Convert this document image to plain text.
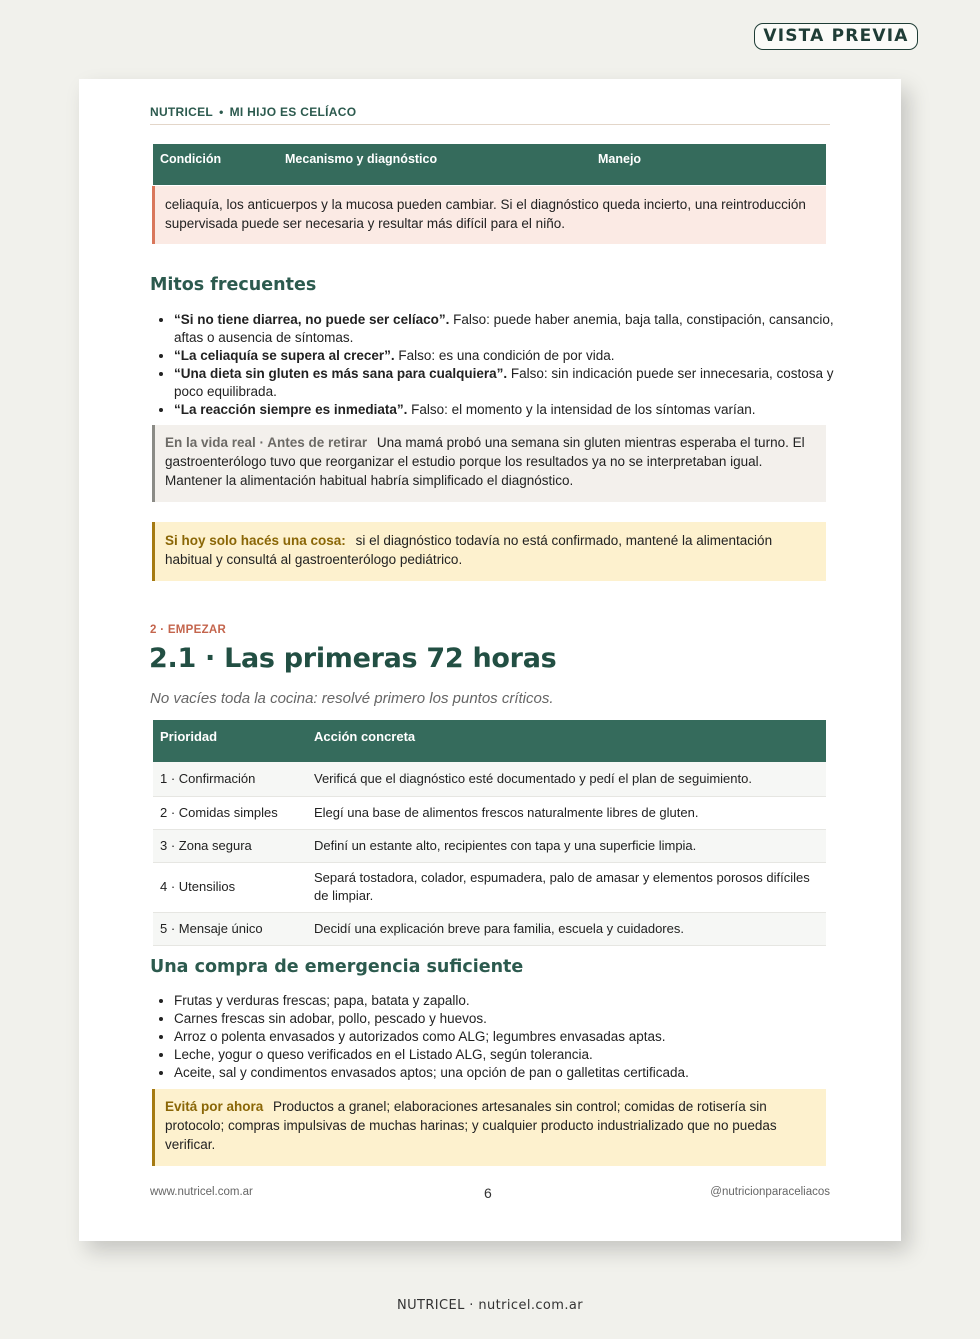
VISTA PREVIA
NUTRICEL • MI HIJO ES CELÍACO
Condición	Mecanismo y diagnóstico	Manejo
celiaquía, los anticuerpos y la mucosa pueden cambiar. Si el diagnóstico queda incierto, una reintroducción supervisada puede ser necesaria y resultar más difícil para el niño.
Mitos frecuentes
• “Si no tiene diarrea, no puede ser celíaco”. Falso: puede haber anemia, baja talla, constipación, cansancio, aftas o ausencia de síntomas.
• “La celiaquía se supera al crecer”. Falso: es una condición de por vida.
• “Una dieta sin gluten es más sana para cualquiera”. Falso: sin indicación puede ser innecesaria, costosa y poco equilibrada.
• “La reacción siempre es inmediata”. Falso: el momento y la intensidad de los síntomas varían.
En la vida real · Antes de retirar Una mamá probó una semana sin gluten mientras esperaba el turno. El gastroenterólogo tuvo que reorganizar el estudio porque los resultados ya no se interpretaban igual. Mantener la alimentación habitual habría simplificado el diagnóstico.
Si hoy solo hacés una cosa: si el diagnóstico todavía no está confirmado, mantené la alimentación habitual y consultá al gastroenterólogo pediátrico.
2 · EMPEZAR
2.1 · Las primeras 72 horas
No vacíes toda la cocina: resolvé primero los puntos críticos.
Prioridad	Acción concreta
1 · Confirmación	Verificá que el diagnóstico esté documentado y pedí el plan de seguimiento.
2 · Comidas simples	Elegí una base de alimentos frescos naturalmente libres de gluten.
3 · Zona segura	Definí un estante alto, recipientes con tapa y una superficie limpia.
4 · Utensilios	Separá tostadora, colador, espumadera, palo de amasar y elementos porosos difíciles de limpiar.
5 · Mensaje único	Decidí una explicación breve para familia, escuela y cuidadores.
Una compra de emergencia suficiente
• Frutas y verduras frescas; papa, batata y zapallo.
• Carnes frescas sin adobar, pollo, pescado y huevos.
• Arroz o polenta envasados y autorizados como ALG; legumbres envasadas aptas.
• Leche, yogur o queso verificados en el Listado ALG, según tolerancia.
• Aceite, sal y condimentos envasados aptos; una opción de pan o galletitas certificada.
Evitá por ahora Productos a granel; elaboraciones artesanales sin control; comidas de rotisería sin protocolo; compras impulsivas de muchas harinas; y cualquier producto industrializado que no puedas verificar.
www.nutricel.com.ar	6	@nutricionparaceliacos
NUTRICEL · nutricel.com.ar
